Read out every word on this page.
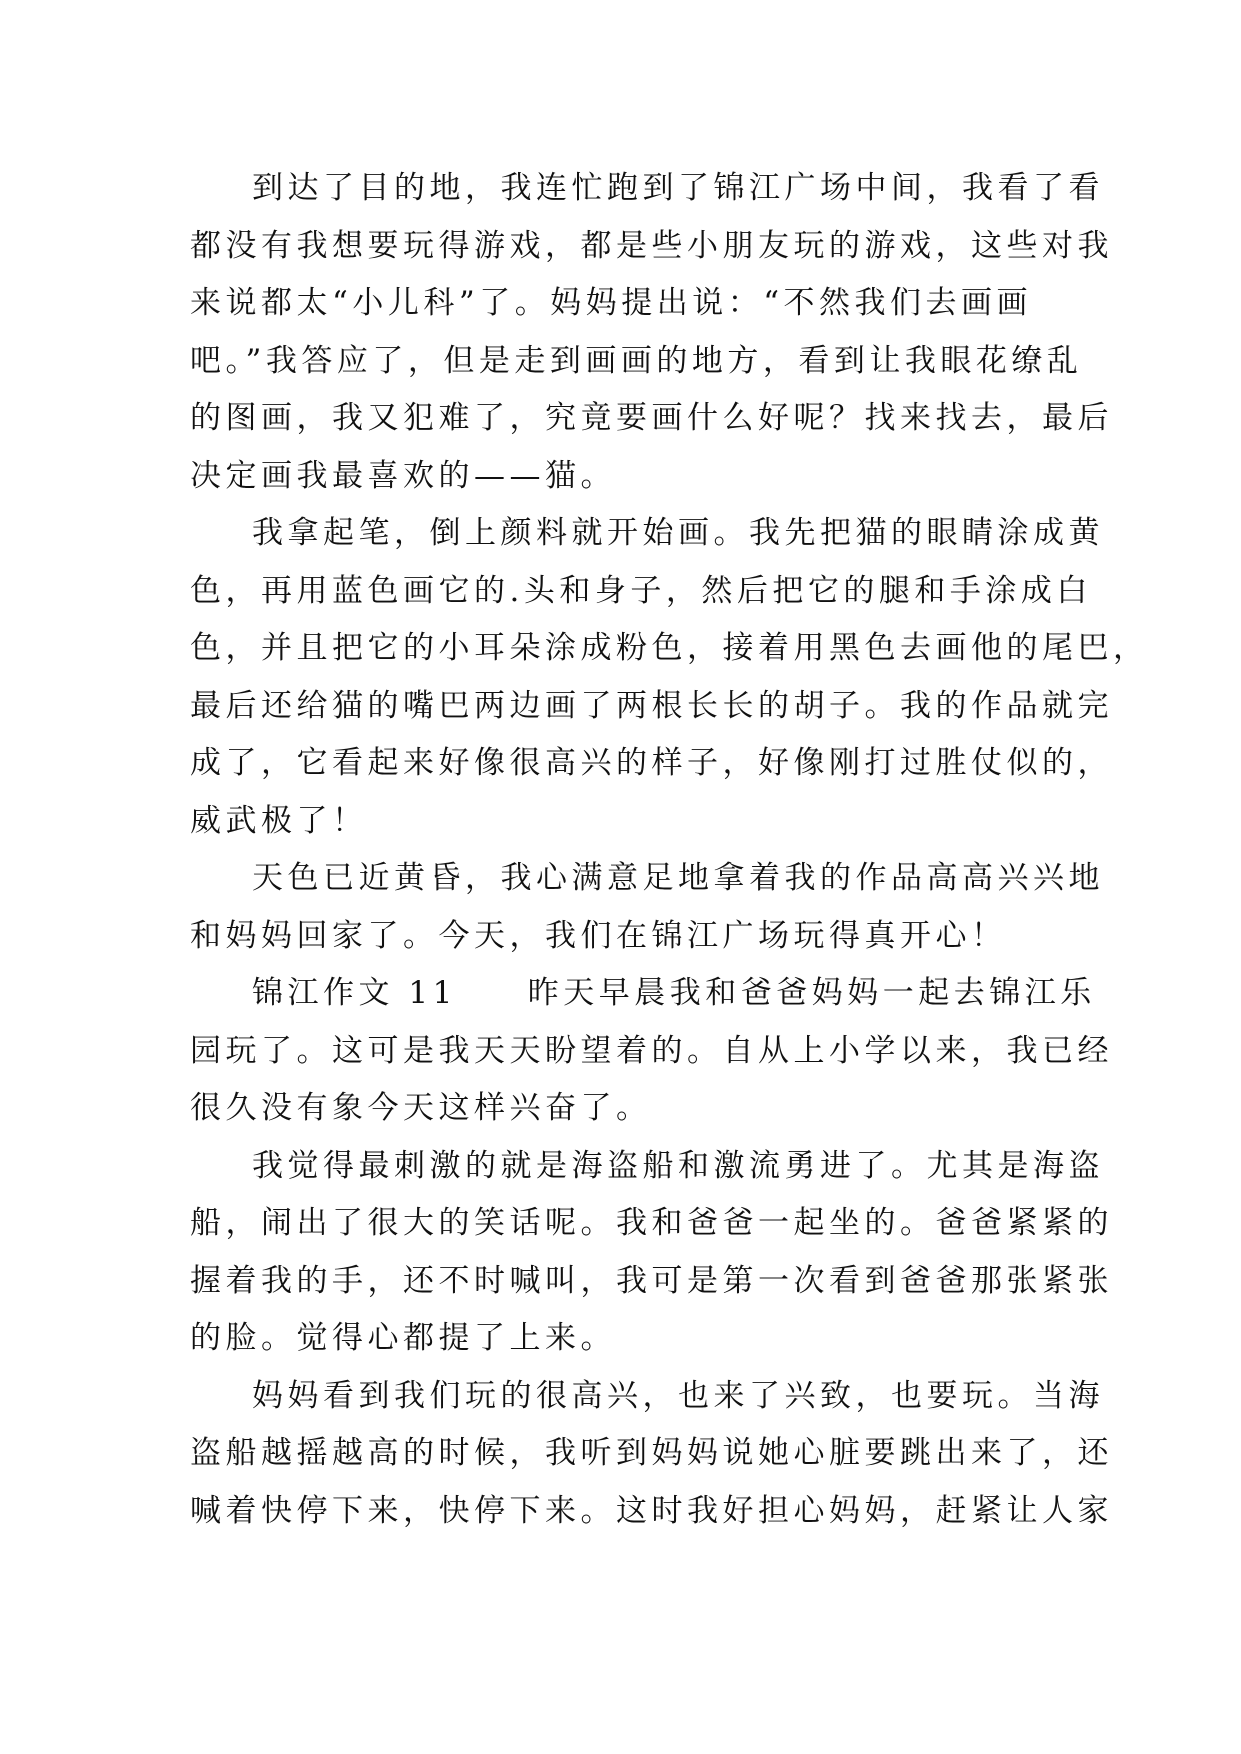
到达了目的地，我连忙跑到了锦江广场中间，我看了看
都没有我想要玩得游戏，都是些小朋友玩的游戏，这些对我
来说都太“小儿科”了。妈妈提出说：“不然我们去画画
吧。”我答应了，但是走到画画的地方，看到让我眼花缭乱
的图画，我又犯难了，究竟要画什么好呢？找来找去，最后
决定画我最喜欢的——猫。
我拿起笔，倒上颜料就开始画。我先把猫的眼睛涂成黄
色，再用蓝色画它的.头和身子，然后把它的腿和手涂成白
色，并且把它的小耳朵涂成粉色，接着用黑色去画他的尾巴，
最后还给猫的嘴巴两边画了两根长长的胡子。我的作品就完
成了，它看起来好像很高兴的样子，好像刚打过胜仗似的，
威武极了！
天色已近黄昏，我心满意足地拿着我的作品高高兴兴地
和妈妈回家了。今天，我们在锦江广场玩得真开心！
锦江作文 11　　昨天早晨我和爸爸妈妈一起去锦江乐
园玩了。这可是我天天盼望着的。自从上小学以来，我已经
很久没有象今天这样兴奋了。
我觉得最刺激的就是海盗船和激流勇进了。尤其是海盗
船，闹出了很大的笑话呢。我和爸爸一起坐的。爸爸紧紧的
握着我的手，还不时喊叫，我可是第一次看到爸爸那张紧张
的脸。觉得心都提了上来。
妈妈看到我们玩的很高兴，也来了兴致，也要玩。当海
盗船越摇越高的时候，我听到妈妈说她心脏要跳出来了，还
喊着快停下来，快停下来。这时我好担心妈妈，赶紧让人家
